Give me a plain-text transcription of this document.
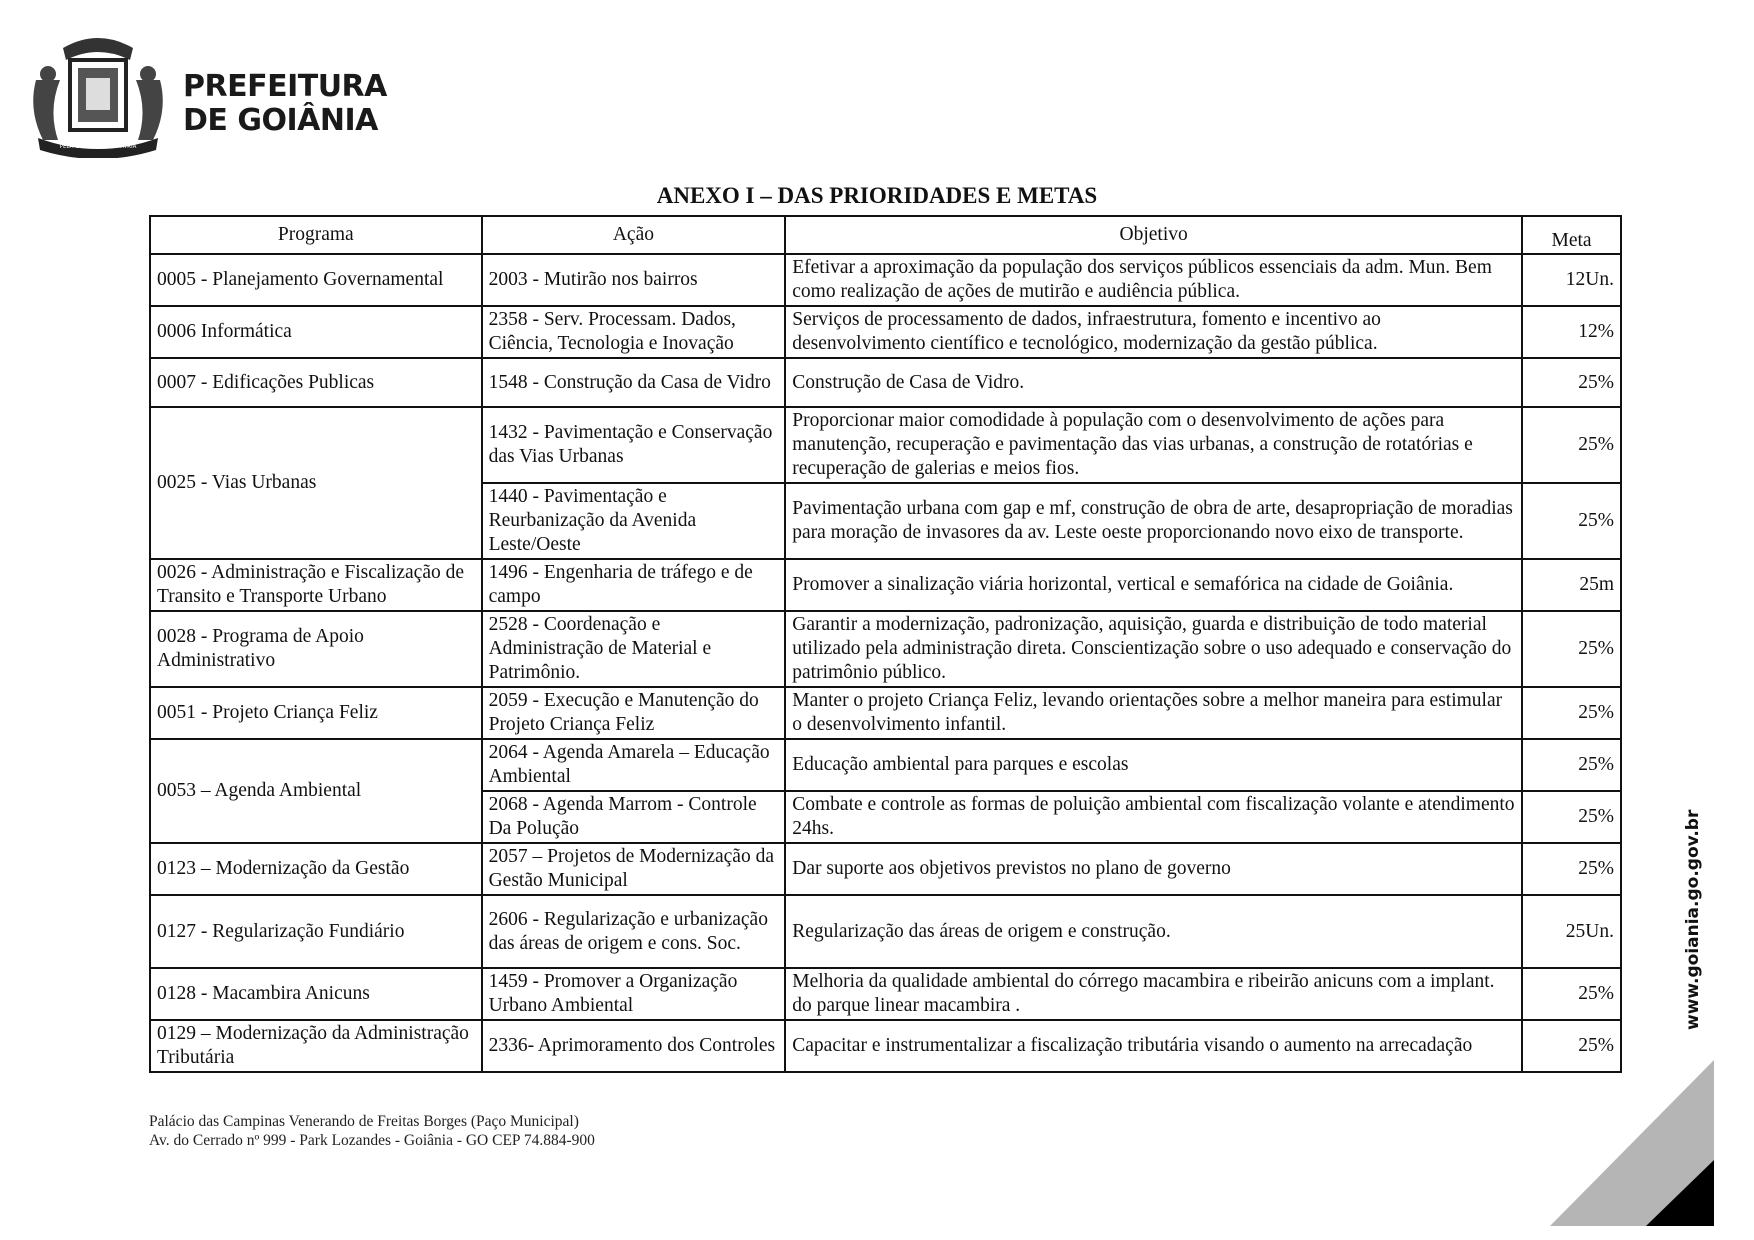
PELA GRANDEZA DA PÁTRIA
PREFEITURA
DE GOIÂNIA
ANEXO I – DAS PRIORIDADES E METAS
Programa	Ação	Objetivo	Meta
0005 - Planejamento Governamental	2003 - Mutirão nos bairros	Efetivar a aproximação da população dos serviços públicos essenciais da adm. Mun. Bem como realização de ações de mutirão e audiência pública.	12Un.
0006 Informática	2358 - Serv. Processam. Dados, Ciência, Tecnologia e Inovação	Serviços de processamento de dados, infraestrutura, fomento e incentivo ao desenvolvimento científico e tecnológico, modernização da gestão pública.	12%
0007 - Edificações Publicas	1548 - Construção da Casa de Vidro	Construção de Casa de Vidro.	25%
0025 - Vias Urbanas	1432 - Pavimentação e Conservação das Vias Urbanas	Proporcionar maior comodidade à população com o desenvolvimento de ações para manutenção, recuperação e pavimentação das vias urbanas, a construção de rotatórias e recuperação de galerias e meios fios.	25%
	1440 - Pavimentação e Reurbanização da Avenida Leste/Oeste	Pavimentação urbana com gap e mf, construção de obra de arte, desapropriação de moradias para moração de invasores da av. Leste oeste proporcionando novo eixo de transporte.	25%
0026 - Administração e Fiscalização de Transito e Transporte Urbano	1496 - Engenharia de tráfego e de campo	Promover a sinalização viária horizontal, vertical e semafórica na cidade de Goiânia.	25m
0028 - Programa de Apoio Administrativo	2528 - Coordenação e Administração de Material e Patrimônio.	Garantir a modernização, padronização, aquisição, guarda e distribuição de todo material utilizado pela administração direta. Conscientização sobre o uso adequado e conservação do patrimônio público.	25%
0051 - Projeto Criança Feliz	2059 - Execução e Manutenção do Projeto Criança Feliz	Manter o projeto Criança Feliz, levando orientações sobre a melhor maneira para estimular o desenvolvimento infantil.	25%
0053 – Agenda Ambiental	2064 - Agenda Amarela – Educação Ambiental	Educação ambiental para parques e escolas	25%
	2068 - Agenda Marrom - Controle Da Polução	Combate e controle as formas de poluição ambiental com fiscalização volante e atendimento 24hs.	25%
0123 – Modernização da Gestão	2057 – Projetos de Modernização da Gestão Municipal	Dar suporte aos objetivos previstos no plano de governo	25%
0127 - Regularização Fundiário	2606 - Regularização e urbanização das áreas de origem e cons. Soc.	Regularização das áreas de origem e construção.	25Un.
0128 - Macambira Anicuns	1459 - Promover a Organização Urbano Ambiental	Melhoria da qualidade ambiental do córrego macambira e ribeirão anicuns com a implant. do parque linear macambira .	25%
0129 – Modernização da Administração Tributária	2336- Aprimoramento dos Controles	Capacitar e instrumentalizar a fiscalização tributária visando o aumento na arrecadação	25%
Palácio das Campinas Venerando de Freitas Borges (Paço Municipal)
Av. do Cerrado nº 999 - Park Lozandes - Goiânia - GO CEP 74.884-900
www.goiania.go.gov.br
